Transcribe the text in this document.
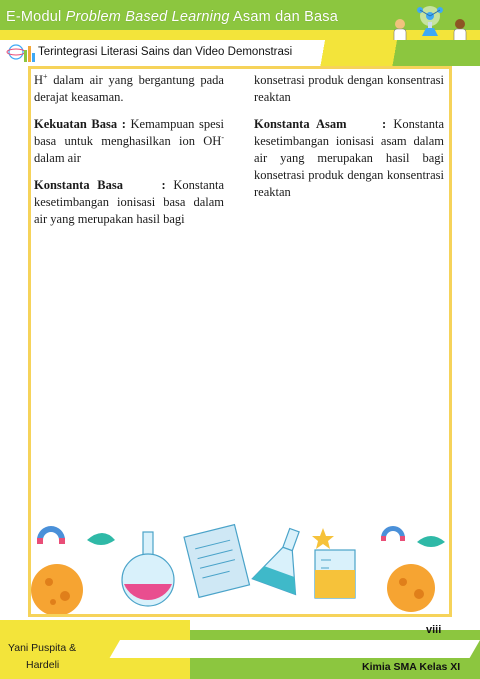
E-Modul Problem Based Learning Asam dan Basa
Terintegrasi Literasi Sains dan Video Demonstrasi

H+ dalam air yang bergantung pada derajat keasaman.

Kekuatan Basa : Kemampuan spesi basa untuk menghasilkan ion OH- dalam air

Konstanta Basa     : Konstanta kesetimbangan ionisasi basa dalam air yang merupakan hasil bagi

konsetrasi produk dengan konsentrasi reaktan

Konstanta Asam     : Konstanta kesetimbangan ionisasi asam dalam air yang merupakan hasil bagi konsetrasi produk dengan konsentrasi reaktan

Yani Puspita &
Hardeli
viii
Kimia SMA Kelas XI
